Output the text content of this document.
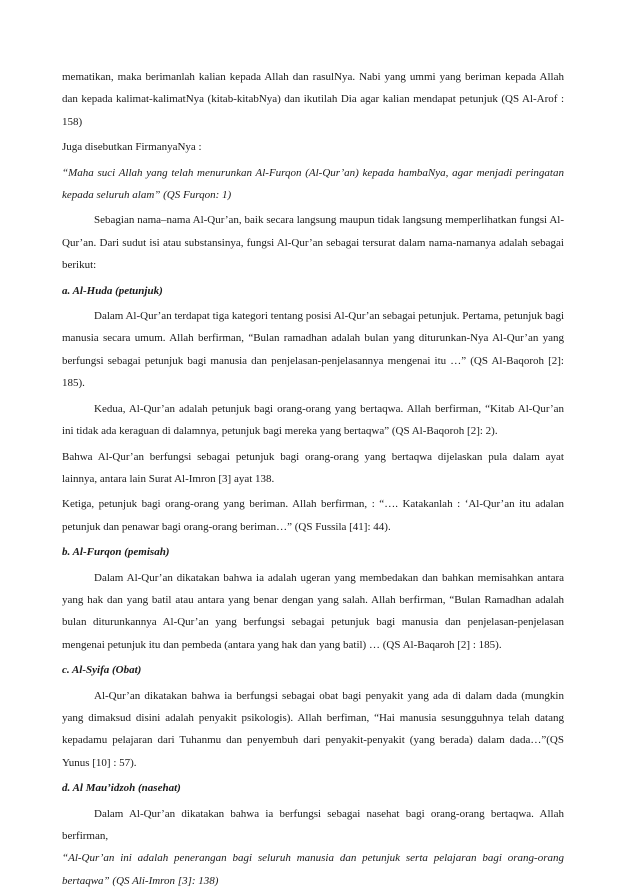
mematikan, maka berimanlah kalian kepada Allah dan rasulNya. Nabi yang ummi yang beriman kepada Allah dan kepada kalimat-kalimatNya (kitab-kitabNya) dan ikutilah Dia agar kalian mendapat petunjuk (QS Al-Arof : 158)

Juga disebutkan FirmanyaNya :

“Maha suci Allah yang telah menurunkan Al-Furqon (Al-Qur’an) kepada hambaNya, agar menjadi peringatan kepada seluruh alam” (QS Furqon: 1)

Sebagian nama–nama Al-Qur’an, baik secara langsung maupun tidak langsung memperlihatkan fungsi Al-Qur’an. Dari sudut isi atau substansinya, fungsi Al-Qur’an sebagai tersurat dalam nama-namanya adalah sebagai berikut:

a. Al-Huda (petunjuk)

Dalam Al-Qur’an terdapat tiga kategori tentang posisi Al-Qur’an sebagai petunjuk. Pertama, petunjuk bagi manusia secara umum. Allah berfirman, “Bulan ramadhan adalah bulan yang diturunkan-Nya Al-Qur’an yang berfungsi sebagai petunjuk bagi manusia dan penjelasan-penjelasannya mengenai itu …” (QS Al-Baqoroh [2]: 185).

Kedua, Al-Qur’an adalah petunjuk bagi orang-orang yang bertaqwa. Allah berfirman, “Kitab Al-Qur’an ini tidak ada keraguan di dalamnya, petunjuk bagi mereka yang bertaqwa” (QS Al-Baqoroh [2]: 2).

Bahwa Al-Qur’an berfungsi sebagai petunjuk bagi orang-orang yang bertaqwa dijelaskan pula dalam ayat lainnya, antara lain Surat Al-Imron [3] ayat 138.

Ketiga, petunjuk bagi orang-orang yang beriman. Allah berfirman, : “…. Katakanlah : ‘Al-Qur’an itu adalan petunjuk dan penawar bagi orang-orang beriman…” (QS Fussila [41]: 44).

b. Al-Furqon (pemisah)

Dalam Al-Qur’an dikatakan bahwa ia adalah ugeran yang membedakan dan bahkan memisahkan antara yang hak dan yang batil atau antara yang benar dengan yang salah. Allah berfirman, “Bulan Ramadhan adalah bulan diturunkannya Al-Qur’an yang berfungsi sebagai petunjuk bagi manusia dan penjelasan-penjelasan mengenai petunjuk itu dan pembeda (antara yang hak dan yang batil) … (QS Al-Baqaroh [2] : 185).

c. Al-Syifa (Obat)

Al-Qur’an dikatakan bahwa ia berfungsi sebagai obat bagi penyakit yang ada di dalam dada (mungkin yang dimaksud disini adalah penyakit psikologis). Allah berfiman, “Hai manusia sesungguhnya telah datang kepadamu pelajaran dari Tuhanmu dan penyembuh dari penyakit-penyakit (yang berada) dalam dada…”(QS Yunus [10] : 57).

d. Al Mau’idzoh (nasehat)

Dalam Al-Qur’an dikatakan bahwa ia berfungsi sebagai nasehat bagi orang-orang bertaqwa. Allah berfirman,

“Al-Qur’an ini adalah penerangan bagi seluruh manusia dan petunjuk serta pelajaran bagi orang-orang bertaqwa” (QS Ali-Imron [3]: 138)
